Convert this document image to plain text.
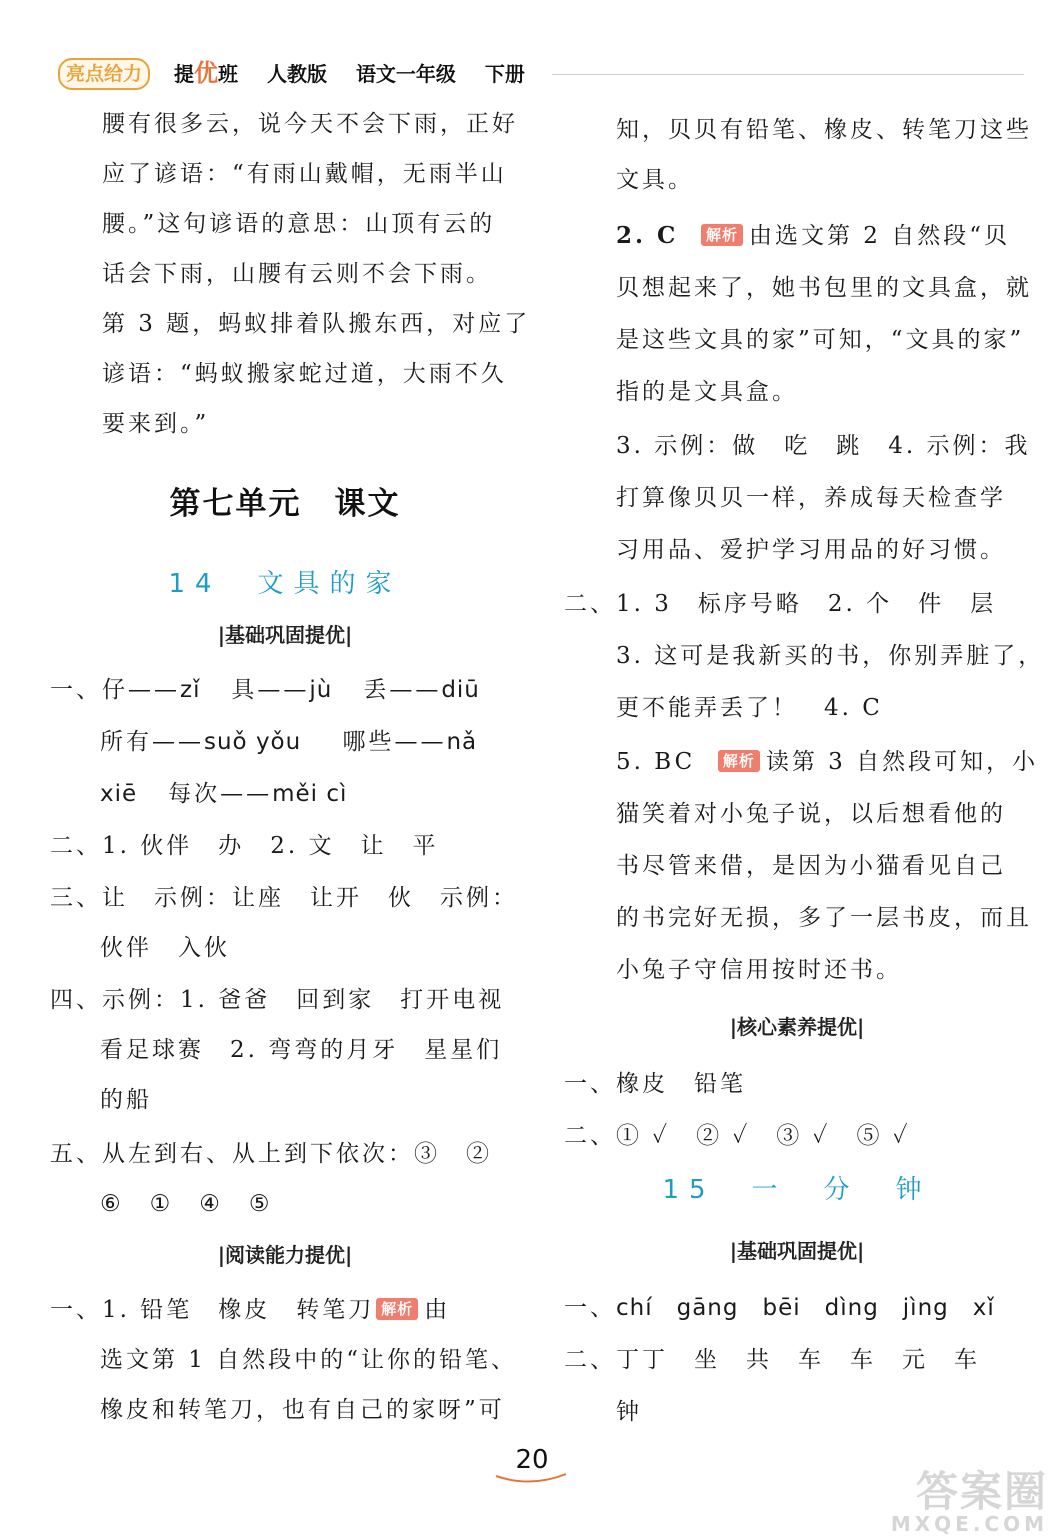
亮点给力	提优班 人教版 语文一年级 下册
腰有很多云，说今天不会下雨，正好
应了谚语：“有雨山戴帽，无雨半山
腰。”这句谚语的意思：山顶有云的
话会下雨，山腰有云则不会下雨。
第 3 题，蚂蚁排着队搬东西，对应了
谚语：“蚂蚁搬家蛇过道，大雨不久
要来到。”
第七单元　课文
14　文具的家
|基础巩固提优|
一、仔——zǐ 具——jù 丢——diū
所有——suǒ yǒu 哪些——nǎ
xiē 每次——měi cì
二、1. 伙伴　办　2. 文　让　平
三、让　示例：让座　让开　伙　示例：
伙伴　入伙
四、示例：1. 爸爸　回到家　打开电视
看足球赛　2. 弯弯的月牙　星星们
的船
五、从左到右、从上到下依次：③　②
⑥　①　④　⑤
|阅读能力提优|
一、1. 铅笔　橡皮　转笔刀 解析 由
选文第 1 自然段中的“让你的铅笔、
橡皮和转笔刀，也有自己的家呀”可
知，贝贝有铅笔、橡皮、转笔刀这些
文具。
2. C 解析 由选文第 2 自然段“贝
贝想起来了，她书包里的文具盒，就
是这些文具的家”可知，“文具的家”
指的是文具盒。
3. 示例：做　吃　跳　4. 示例：我
打算像贝贝一样，养成每天检查学
习用品、爱护学习用品的好习惯。
二、1. 3　标序号略　2. 个　件　层
3. 这可是我新买的书，你别弄脏了，
更不能弄丢了！　4. C
5. BC 解析 读第 3 自然段可知，小
猫笑着对小兔子说，以后想看他的
书尽管来借，是因为小猫看见自己
的书完好无损，多了一层书皮，而且
小兔子守信用按时还书。
|核心素养提优|
一、橡皮　铅笔
二、① ✓　② ✓　③ ✓　⑤ ✓
15　一　分　钟
|基础巩固提优|
一、chí　gāng　bēi　dìng　jìng　xǐ
二、丁丁　坐　共　车　车　元　车
钟
20
答案圈
MXQE.COM
